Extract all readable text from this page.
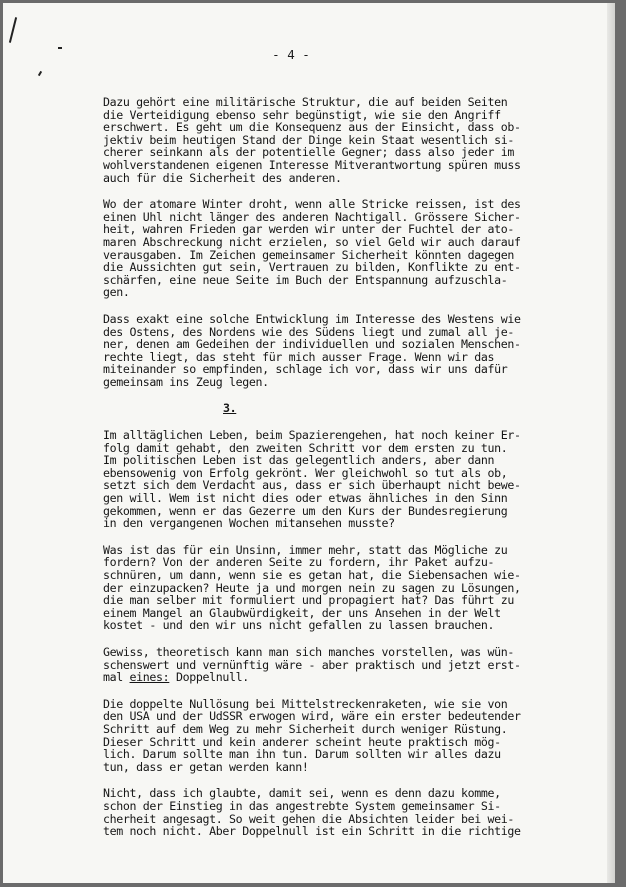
- 4 -
Dazu gehört eine militärische Struktur, die auf beiden Seiten
die Verteidigung ebenso sehr begünstigt, wie sie den Angriff
erschwert. Es geht um die Konsequenz aus der Einsicht, dass ob-
jektiv beim heutigen Stand der Dinge kein Staat wesentlich si-
cherer seinkann als der potentielle Gegner; dass also jeder im
wohlverstandenen eigenen Interesse Mitverantwortung spüren muss
auch für die Sicherheit des anderen.
Wo der atomare Winter droht, wenn alle Stricke reissen, ist des
einen Uhl nicht länger des anderen Nachtigall. Grössere Sicher-
heit, wahren Frieden gar werden wir unter der Fuchtel der ato-
maren Abschreckung nicht erzielen, so viel Geld wir auch darauf
verausgaben. Im Zeichen gemeinsamer Sicherheit könnten dagegen
die Aussichten gut sein, Vertrauen zu bilden, Konflikte zu ent-
schärfen, eine neue Seite im Buch der Entspannung aufzuschla-
gen.
Dass exakt eine solche Entwicklung im Interesse des Westens wie
des Ostens, des Nordens wie des Südens liegt und zumal all je-
ner, denen am Gedeihen der individuellen und sozialen Menschen-
rechte liegt, das steht für mich ausser Frage. Wenn wir das
miteinander so empfinden, schlage ich vor, dass wir uns dafür
gemeinsam ins Zeug legen.
3.
Im alltäglichen Leben, beim Spazierengehen, hat noch keiner Er-
folg damit gehabt, den zweiten Schritt vor dem ersten zu tun.
Im politischen Leben ist das gelegentlich anders, aber dann
ebensowenig von Erfolg gekrönt. Wer gleichwohl so tut als ob,
setzt sich dem Verdacht aus, dass er sich überhaupt nicht bewe-
gen will. Wem ist nicht dies oder etwas ähnliches in den Sinn
gekommen, wenn er das Gezerre um den Kurs der Bundesregierung
in den vergangenen Wochen mitansehen musste?
Was ist das für ein Unsinn, immer mehr, statt das Mögliche zu
fordern? Von der anderen Seite zu fordern, ihr Paket aufzu-
schnüren, um dann, wenn sie es getan hat, die Siebensachen wie-
der einzupacken? Heute ja und morgen nein zu sagen zu Lösungen,
die man selber mit formuliert und propagiert hat? Das führt zu
einem Mangel an Glaubwürdigkeit, der uns Ansehen in der Welt
kostet - und den wir uns nicht gefallen zu lassen brauchen.
Gewiss, theoretisch kann man sich manches vorstellen, was wün-
schenswert und vernünftig wäre - aber praktisch und jetzt erst-
mal eines: Doppelnull.
Die doppelte Nullösung bei Mittelstreckenraketen, wie sie von
den USA und der UdSSR erwogen wird, wäre ein erster bedeutender
Schritt auf dem Weg zu mehr Sicherheit durch weniger Rüstung.
Dieser Schritt und kein anderer scheint heute praktisch mög-
lich. Darum sollte man ihn tun. Darum sollten wir alles dazu
tun, dass er getan werden kann!
Nicht, dass ich glaubte, damit sei, wenn es denn dazu komme,
schon der Einstieg in das angestrebte System gemeinsamer Si-
cherheit angesagt. So weit gehen die Absichten leider bei wei-
tem noch nicht. Aber Doppelnull ist ein Schritt in die richtige
